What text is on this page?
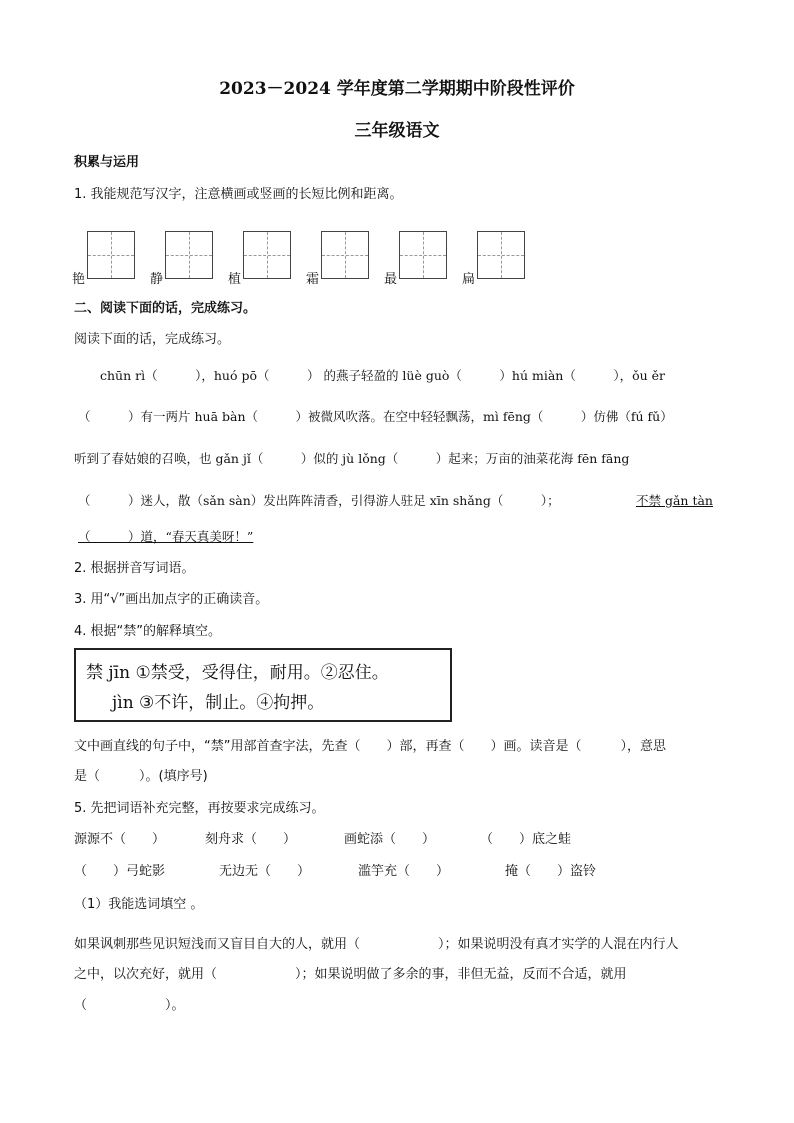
2023－2024 学年度第二学期期中阶段性评价
三年级语文
积累与运用
1. 我能规范写汉字，注意横画或竖画的长短比例和距离。
艳	静	植	霜	最	扁
二、阅读下面的话，完成练习。
阅读下面的话，完成练习。
chūn rì（　　　），huó pō（　　　） 的燕子轻盈的 lüè guò（　　　）hú miàn（　　　），ǒu ěr
（　　　）有一两片 huā bàn（　　　）被微风吹落。在空中轻轻飘荡，mì fēng（　　　）仿佛（fú fǔ）
听到了春姑娘的召唤，也 gǎn jǐ（　　　）似的 jù lǒng（　　　）起来；万亩的油菜花海 fēn fāng
（　　　）迷人，散（sǎn sàn）发出阵阵清香，引得游人驻足 xīn shǎng（　　　）；	不禁 gǎn tàn
（　　　）道，“春天真美呀！”
2. 根据拼音写词语。
3. 用“√”画出加点字的正确读音。
4. 根据“禁”的解释填空。
禁 jīn ①禁受，受得住，耐用。②忍住。
jìn ③不许，制止。④拘押。
文中画直线的句子中，“禁”用部首查字法，先查（　　）部，再查（　　）画。读音是（　　　），意思
是（　　　）。(填序号)
5. 先把词语补充完整，再按要求完成练习。
源源不（　　）	刻舟求（　　）	画蛇添（　　）	（　　）底之蛙
（　　）弓蛇影	无边无（　　）	滥竽充（　　）	掩（　　）盗铃
（1）我能选词填空 。
如果讽刺那些见识短浅而又盲目自大的人，就用（　　　　　　）；如果说明没有真才实学的人混在内行人
之中，以次充好，就用（　　　　　　）；如果说明做了多余的事，非但无益，反而不合适，就用
（　　　　　　）。
